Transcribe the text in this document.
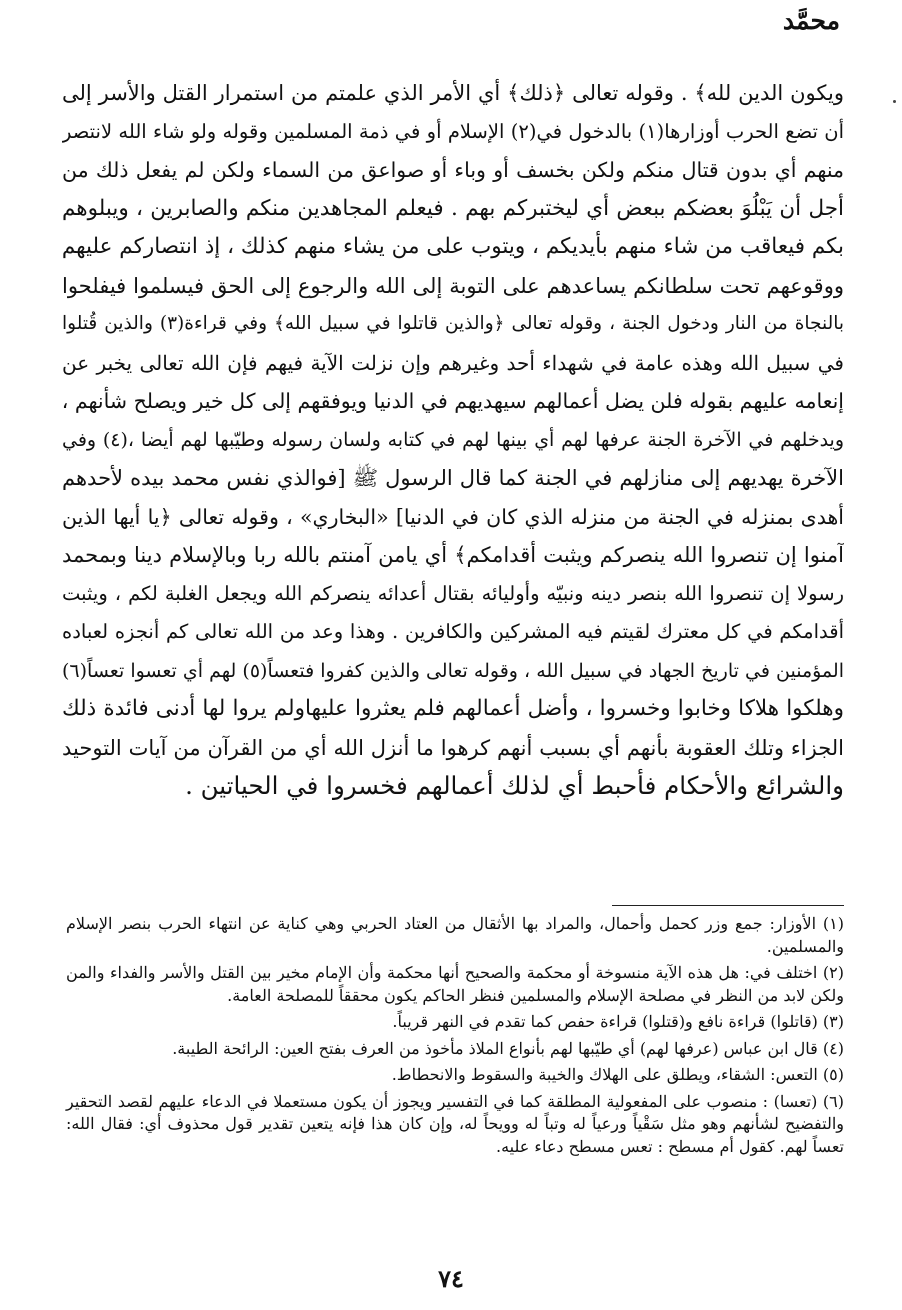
محمَّد
ويكون الدين لله﴾ . وقوله تعالى ﴿ذلك﴾ أي الأمر الذي علمتم من استمرار القتل والأسر إلى
أن تضع الحرب أوزارها(١) بالدخول في(٢) الإسلام أو في ذمة المسلمين وقوله ولو شاء الله لانتصر
منهم أي بدون قتال منكم ولكن بخسف أو وباء أو صواعق من السماء ولكن لم يفعل ذلك من
أجل أن يَبْلُوَ بعضكم ببعض أي ليختبركم بهم . فيعلم المجاهدين منكم والصابرين ، ويبلوهم
بكم فيعاقب من شاء منهم بأيديكم ، ويتوب على من يشاء منهم كذلك ، إذ انتصاركم عليهم
ووقوعهم تحت سلطانكم يساعدهم على التوبة إلى الله والرجوع إلى الحق فيسلموا فيفلحوا
بالنجاة من النار ودخول الجنة ، وقوله تعالى ﴿والذين قاتلوا في سبيل الله﴾ وفي قراءة(٣) والذين قُتلوا
في سبيل الله وهذه عامة في شهداء أحد وغيرهم وإن نزلت الآية فيهم فإن الله تعالى يخبر عن
إنعامه عليهم بقوله فلن يضل أعمالهم سيهديهم في الدنيا ويوفقهم إلى كل خير ويصلح شأنهم ،
ويدخلهم في الآخرة الجنة عرفها لهم أي بينها لهم في كتابه ولسان رسوله وطيّبها لهم أيضا ،(٤) وفي
الآخرة يهديهم إلى منازلهم في الجنة كما قال الرسول ﷺ [فوالذي نفس محمد بيده لأحدهم
أهدى بمنزله في الجنة من منزله الذي كان في الدنيا] «البخاري» ، وقوله تعالى ﴿يا أيها الذين
آمنوا إن تنصروا الله ينصركم ويثبت أقدامكم﴾ أي يامن آمنتم بالله ربا وبالإسلام دينا وبمحمد
رسولا إن تنصروا الله بنصر دينه ونبيّه وأوليائه بقتال أعدائه ينصركم الله ويجعل الغلبة لكم ، ويثبت
أقدامكم في كل معترك لقيتم فيه المشركين والكافرين . وهذا وعد من الله تعالى كم أنجزه لعباده
المؤمنين في تاريخ الجهاد في سبيل الله ، وقوله تعالى والذين كفروا فتعساً(٥) لهم أي تعسوا تعساً(٦)
وهلكوا هلاكا وخابوا وخسروا ، وأضل أعمالهم فلم يعثروا عليهاولم يروا لها أدنى فائدة ذلك
الجزاء وتلك العقوبة بأنهم أي بسبب أنهم كرهوا ما أنزل الله أي من القرآن من آيات التوحيد
والشرائع والأحكام فأحبط أي لذلك أعمالهم فخسروا في الحياتين .
(١) الأوزار: جمع وزر كحمل وأحمال، والمراد بها الأثقال من العتاد الحربي وهي كناية عن انتهاء الحرب بنصر الإسلام والمسلمين.
(٢) اختلف في: هل هذه الآية منسوخة أو محكمة والصحيح أنها محكمة وأن الإمام مخير بين القتل والأسر والفداء والمن ولكن لابد من النظر في مصلحة الإسلام والمسلمين فنظر الحاكم يكون محققاً للمصلحة العامة.
(٣) (قاتلوا) قراءة نافع و(قتلوا) قراءة حفص كما تقدم في النهر قريباً.
(٤) قال ابن عباس (عرفها لهم) أي طيّبها لهم بأنواع الملاذ مأخوذ من العرف بفتح العين: الرائحة الطيبة.
(٥) التعس: الشقاء، ويطلق على الهلاك والخيبة والسقوط والانحطاط.
(٦) (تعسا) : منصوب على المفعولية المطلقة كما في التفسير ويجوز أن يكون مستعملا في الدعاء عليهم لقصد التحقير والتفضيح لشأنهم وهو مثل سَقْياً ورعياً له وتباً له وويحاً له، وإن كان هذا فإنه يتعين تقدير قول محذوف أي: فقال الله: تعساً لهم. كقول أم مسطح : تعس مسطح دعاء عليه.
٧٤
